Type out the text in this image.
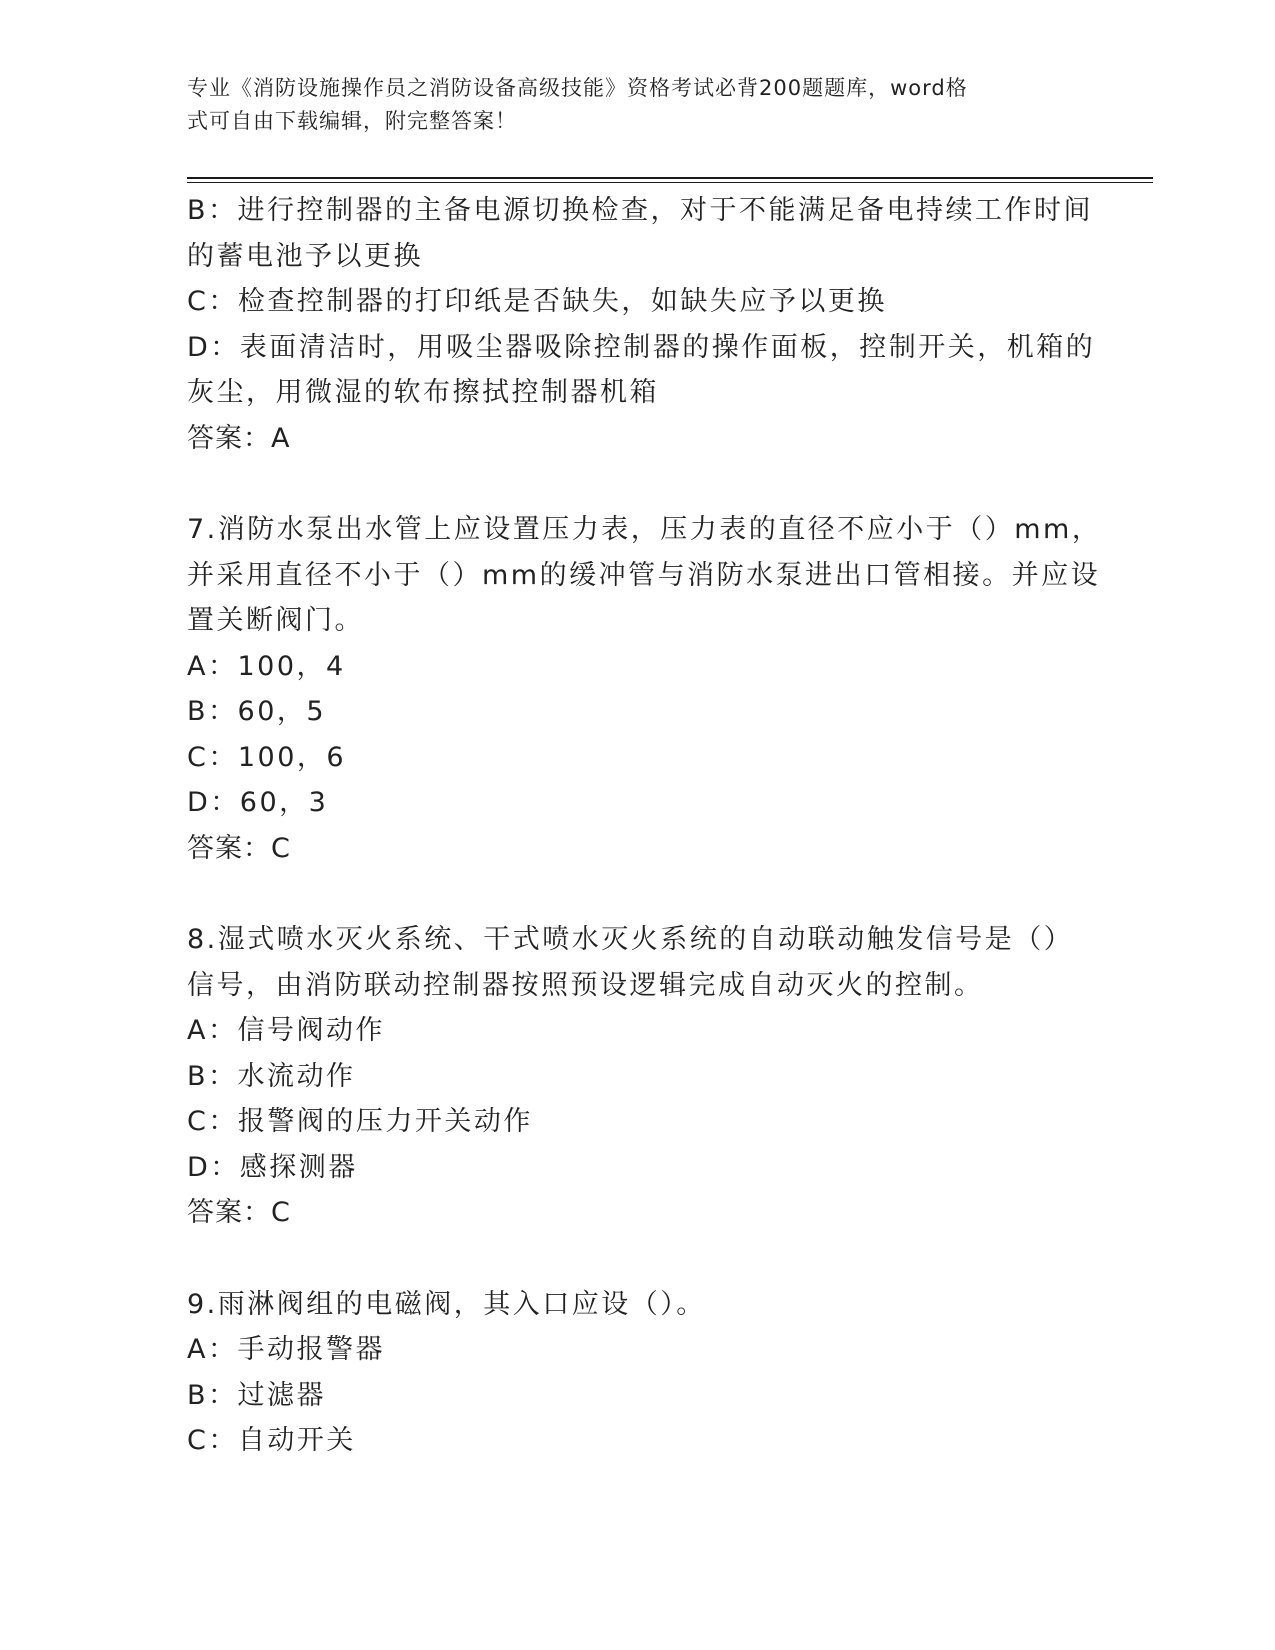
专业《消防设施操作员之消防设备高级技能》资格考试必背200题题库，word格
式可自由下载编辑，附完整答案！
B：进行控制器的主备电源切换检查，对于不能满足备电持续工作时间
的蓄电池予以更换
C：检查控制器的打印纸是否缺失，如缺失应予以更换
D：表面清洁时，用吸尘器吸除控制器的操作面板，控制开关，机箱的
灰尘，用微湿的软布擦拭控制器机箱
答案：A
7.消防水泵出水管上应设置压力表，压力表的直径不应小于（）mm，
并采用直径不小于（）mm的缓冲管与消防水泵进出口管相接。并应设
置关断阀门。
A：100，4
B：60，5
C：100，6
D：60，3
答案：C
8.湿式喷水灭火系统、干式喷水灭火系统的自动联动触发信号是（）
信号，由消防联动控制器按照预设逻辑完成自动灭火的控制。
A：信号阀动作
B：水流动作
C：报警阀的压力开关动作
D：感探测器
答案：C
9.雨淋阀组的电磁阀，其入口应设（）。
A：手动报警器
B：过滤器
C：自动开关
